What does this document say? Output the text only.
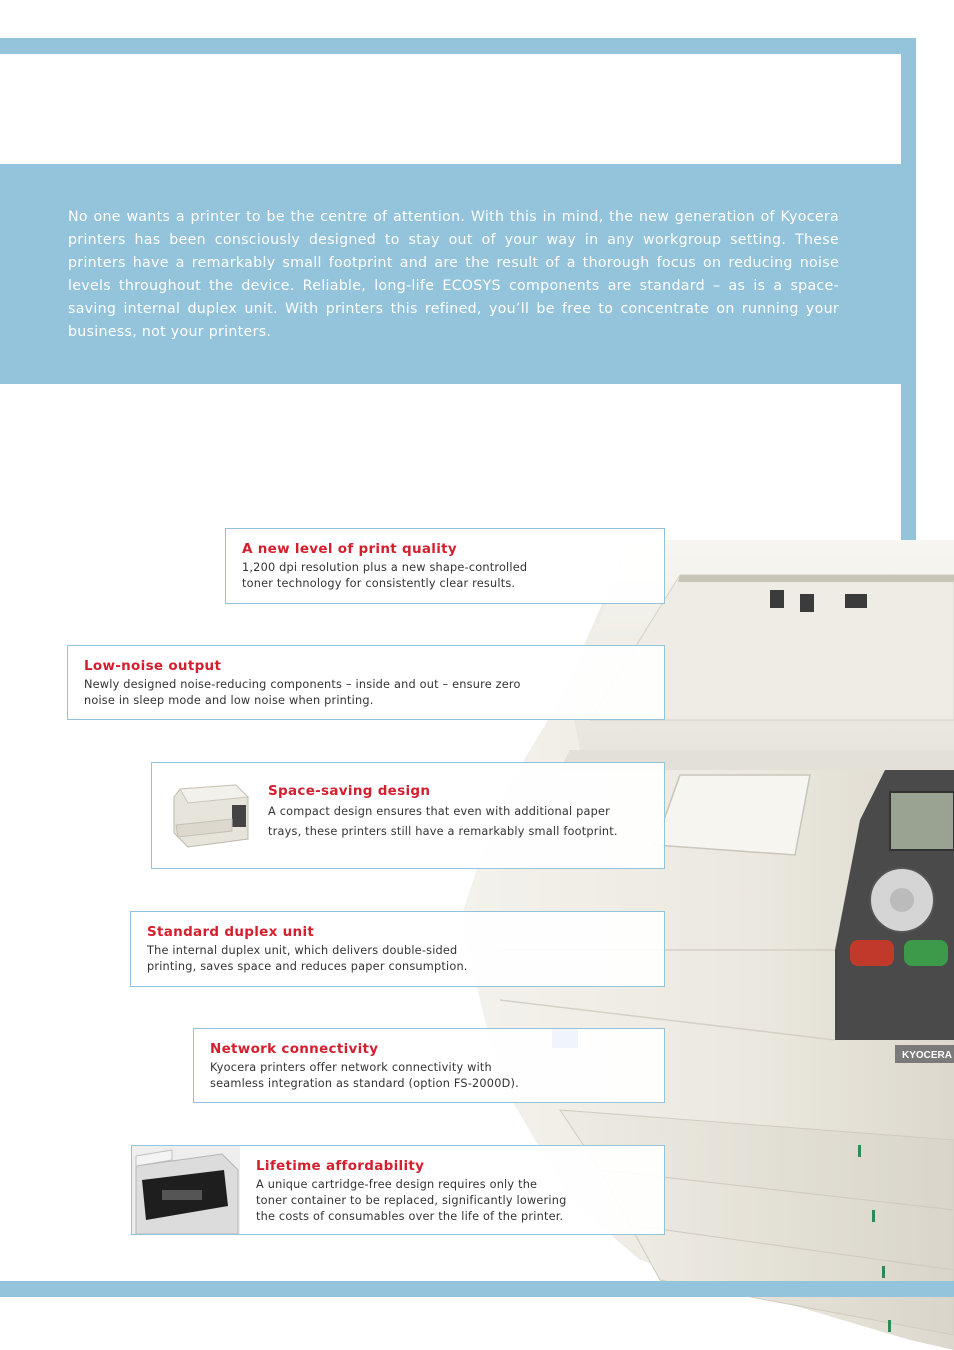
No one wants a printer to be the centre of attention. With this in mind, the new generation of Kyocera printers has been consciously designed to stay out of your way in any workgroup setting. These printers have a remarkably small footprint and are the result of a thorough focus on reducing noise levels throughout the device. Reliable, long-life ECOSYS components are standard – as is a space-saving internal duplex unit. With printers this refined, you’ll be free to concentrate on running your business, not your printers.
KYOCERA
A new level of print quality

1,200 dpi resolution plus a new shape-controlled toner technology for consistently clear results.

Low-noise output

Newly designed noise-reducing components – inside and out – ensure zero noise in sleep mode and low noise when printing.

Space-saving design

A compact design ensures that even with additional paper trays, these printers still have a remarkably small footprint.

Standard duplex unit

The internal duplex unit, which delivers double-sided printing, saves space and reduces paper consumption.

Network connectivity

Kyocera printers offer network connectivity with seamless integration as standard (option FS-2000D).

Lifetime affordability

A unique cartridge-free design requires only the toner container to be replaced, significantly lowering the costs of consumables over the life of the printer.
